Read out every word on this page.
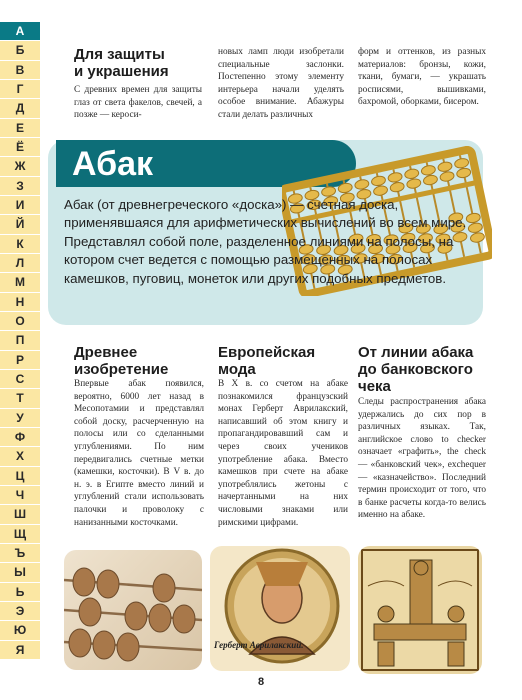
А
Б
В
Г
Д
Е
Ё
Ж
З
И
Й
К
Л
М
Н
О
П
Р
С
Т
У
Ф
Х
Ц
Ч
Ш
Щ
Ъ
Ы
Ь
Э
Ю
Я
Для защиты
и украшения

С древних времен для защиты глаз от света факелов, свечей, а позже — кероси-

новых ламп люди изобретали специальные заслонки. Постепенно этому элементу интерьера начали уделять особое внимание. Абажуры стали делать различных

форм и оттенков, из разных материалов: бронзы, кожи, ткани, бумаги, — украшать росписями, вышивками, бахромой, оборками, бисером.

Абак

Абак (от древнегреческого «доска») — счетная доска, применявшаяся для арифметических вычислений во всем мире. Представлял собой поле, разделенное линиями на полосы, на котором счет ведется с помощью размещенных на полосах камешков, пуговиц, монеток или других подобных предметов.

Древнее
изобретение

Впервые абак появился, вероятно, 6000 лет назад в Месопотамии и представлял собой доску, расчерченную на полосы или со сделанными углублениями. По ним передвигались счетные метки (камешки, косточки). В V в. до н. э. в Египте вместо линий и углублений стали использовать палочки и проволоку с нанизанными косточками.

Европейская
мода

В X в. со счетом на абаке познакомился французский монах Герберт Аврилакский, написавший об этом книгу и пропагандировавший сам и через своих учеников употребление абака. Вместо камешков при счете на абаке употреблялись жетоны с начертанными на них числовыми знаками или римскими цифрами.

От линии абака
до банковского
чека

Следы распространения абака удержались до сих пор в различных языках. Так, английское слово to checker означает «графить», the check — «банковский чек», exchequer — «казначейство». Последний термин происходит от того, что в банке расчеты когда-то велись именно на абаке.

Герберт Аврилакский.
8
